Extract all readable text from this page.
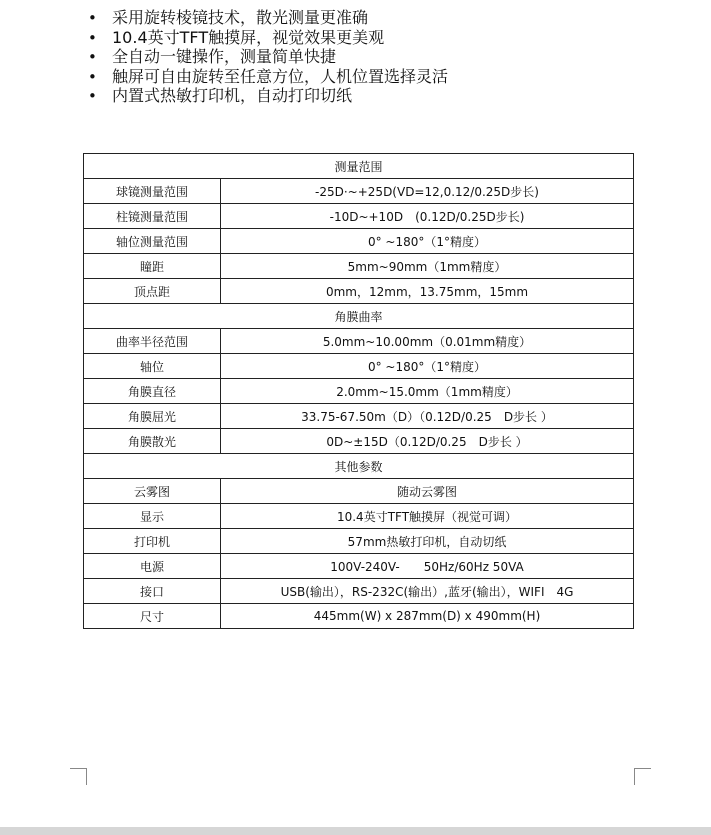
• 采用旋转棱镜技术，散光测量更准确
• 10.4英寸TFT触摸屏，视觉效果更美观
• 全自动一键操作，测量简单快捷
• 触屏可自由旋转至任意方位，人机位置选择灵活
• 内置式热敏打印机，自动打印切纸
测量范围	
球镜测量范围	-25D·~+25D(VD=12,0.12/0.25D步长)
柱镜测量范围	-10D~+10D　(0.12D/0.25D步长)
轴位测量范围	0° ~180°（1°精度）
瞳距	5mm~90mm（1mm精度）
顶点距	0mm，12mm，13.75mm，15mm
角膜曲率	
曲率半径范围	5.0mm~10.00mm（0.01mm精度）
轴位	0° ~180°（1°精度）
角膜直径	2.0mm~15.0mm（1mm精度）
角膜屈光	33.75-67.50m（D）（0.12D/0.25　D步长 ）
角膜散光	0D~±15D（0.12D/0.25　D步长 ）
其他参数	
云雾图	随动云雾图
显示	10.4英寸TFT触摸屏（视觉可调）
打印机	57mm热敏打印机，自动切纸
电源	100V-240V-　　50Hz/60Hz 50VA
接口	USB(输出），RS-232C(输出）,蓝牙(输出），WIFI　4G
尺寸	445mm(W) x 287mm(D) x 490mm(H)
